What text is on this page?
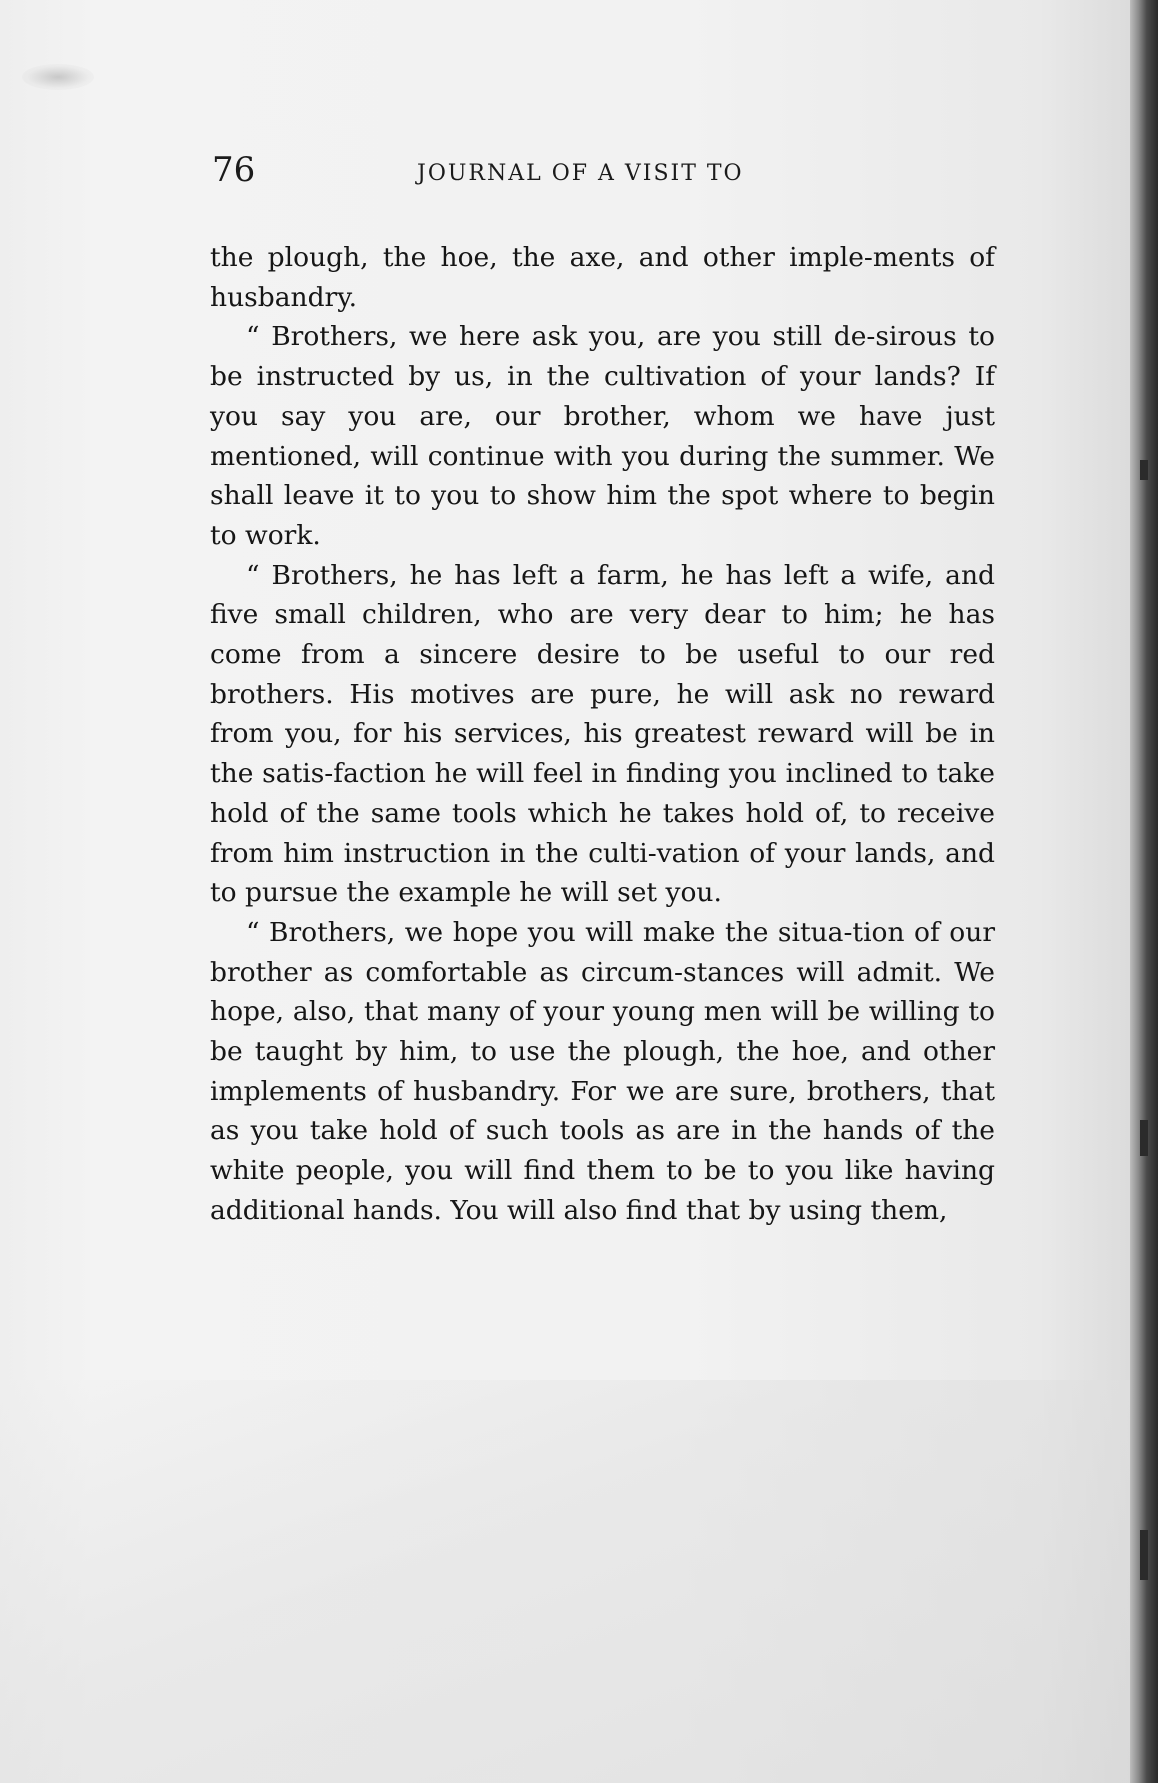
76	JOURNAL OF A VISIT TO

the plough, the hoe, the axe, and other imple-ments of husbandry.

“ Brothers, we here ask you, are you still de-sirous to be instructed by us, in the cultivation of your lands? If you say you are, our brother, whom we have just mentioned, will continue with you during the summer. We shall leave it to you to show him the spot where to begin to work.

“ Brothers, he has left a farm, he has left a wife, and five small children, who are very dear to him; he has come from a sincere desire to be useful to our red brothers. His motives are pure, he will ask no reward from you, for his services, his greatest reward will be in the satis-faction he will feel in finding you inclined to take hold of the same tools which he takes hold of, to receive from him instruction in the culti-vation of your lands, and to pursue the example he will set you.

“ Brothers, we hope you will make the situa-tion of our brother as comfortable as circum-stances will admit. We hope, also, that many of your young men will be willing to be taught by him, to use the plough, the hoe, and other implements of husbandry. For we are sure, brothers, that as you take hold of such tools as are in the hands of the white people, you will find them to be to you like having additional hands. You will also find that by using them,
